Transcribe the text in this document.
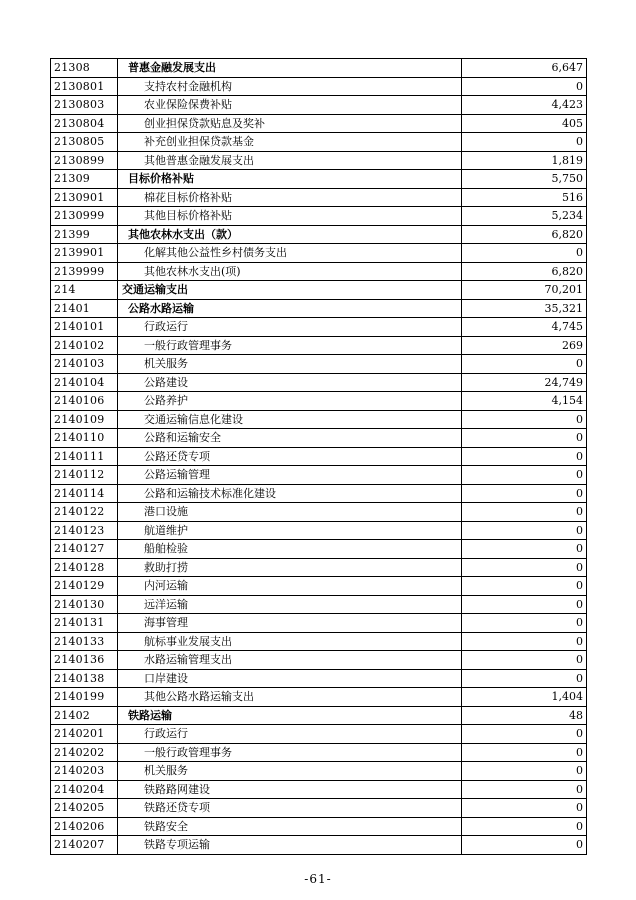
21308	普惠金融发展支出	6,647
2130801	支持农村金融机构	0
2130803	农业保险保费补贴	4,423
2130804	创业担保贷款贴息及奖补	405
2130805	补充创业担保贷款基金	0
2130899	其他普惠金融发展支出	1,819
21309	目标价格补贴	5,750
2130901	棉花目标价格补贴	516
2130999	其他目标价格补贴	5,234
21399	其他农林水支出（款）	6,820
2139901	化解其他公益性乡村债务支出	0
2139999	其他农林水支出(项)	6,820
214	交通运输支出	70,201
21401	公路水路运输	35,321
2140101	行政运行	4,745
2140102	一般行政管理事务	269
2140103	机关服务	0
2140104	公路建设	24,749
2140106	公路养护	4,154
2140109	交通运输信息化建设	0
2140110	公路和运输安全	0
2140111	公路还贷专项	0
2140112	公路运输管理	0
2140114	公路和运输技术标准化建设	0
2140122	港口设施	0
2140123	航道维护	0
2140127	船舶检验	0
2140128	救助打捞	0
2140129	内河运输	0
2140130	远洋运输	0
2140131	海事管理	0
2140133	航标事业发展支出	0
2140136	水路运输管理支出	0
2140138	口岸建设	0
2140199	其他公路水路运输支出	1,404
21402	铁路运输	48
2140201	行政运行	0
2140202	一般行政管理事务	0
2140203	机关服务	0
2140204	铁路路网建设	0
2140205	铁路还贷专项	0
2140206	铁路安全	0
2140207	铁路专项运输	0
-61-
